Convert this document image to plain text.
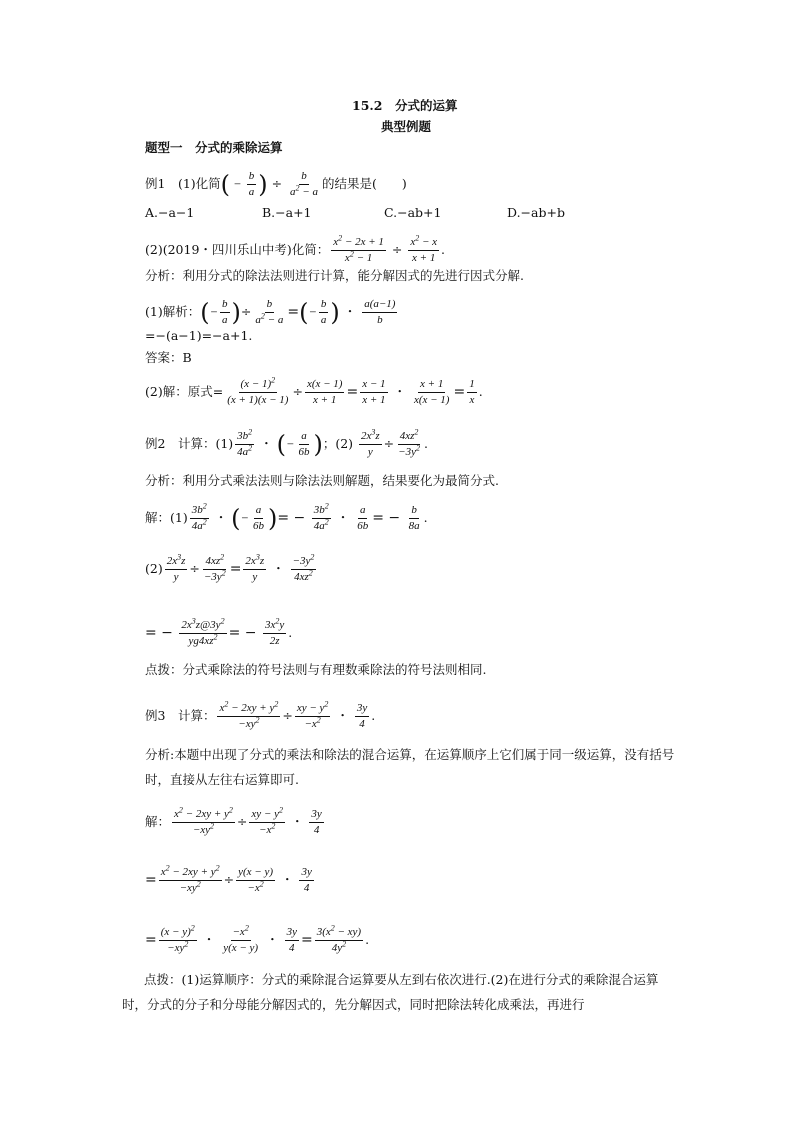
15.2　分式的运算
典型例题
题型一　分式的乘除运算
例1　(1)化简( − $\frac{b}{a}$ ) ÷ $\frac{b}{a^2 - a}$ 的结果是(　　)
A.−a−1	B.−a+1	C.−ab+1	D.−ab+b
(2)(2019・四川乐山中考)化简： $\frac{x^2 - 2x + 1}{x^2 - 1} \div \frac{x^2 - x}{x + 1}$ .
分析：利用分式的除法法则进行计算，能分解因式的先进行因式分解.
(1)解析：(− $\frac{b}{a}$ )÷ $\frac{b}{a^2 - a}$ =(− $\frac{b}{a}$ ) ・ $\frac{a(a-1)}{b}$
=−(a−1)=−a+1.
答案：B
(2)解：原式= $\frac{(x - 1)^2}{(x + 1)(x - 1)} \div \frac{x(x - 1)}{x + 1} = \frac{x - 1}{x + 1}$ ・ $\frac{x + 1}{x(x - 1)} = \frac{1}{x}$ .
例2　计算：$(1) \frac{3b^2}{4a^2}$ ・ (− $\frac{a}{6b}$ )；$(2) \frac{2x^3z}{y} \div \frac{4xz^2}{-3y^2}$ .
分析：利用分式乘法法则与除法法则解题，结果要化为最简分式.
解：$(1) \frac{3b^2}{4a^2}$ ・ (− $\frac{a}{6b}$ )= − $\frac{3b^2}{4a^2}$ ・ $\frac{a}{6b}$ = − $\frac{b}{8a}$ .
$(2) \frac{2x^3z}{y} \div \frac{4xz^2}{-3y^2} = \frac{2x^3z}{y}$ ・ $\frac{-3y^2}{4xz^2}$
= − $\frac{2x^3z@3y^2}{yg4xz^2}$ = − $\frac{3x^2y}{2z}$ .
点拨：分式乘除法的符号法则与有理数乘除法的符号法则相同.
例3　计算： $\frac{x^2 - 2xy + y^2}{-xy^2} \div \frac{xy - y^2}{-x^2}$ ・ $\frac{3y}{4}$ .
分析:本题中出现了分式的乘法和除法的混合运算，在运算顺序上它们属于同一级运算，没有括号时，直接从左往右运算即可.
解： $\frac{x^2 - 2xy + y^2}{-xy^2} \div \frac{xy - y^2}{-x^2}$ ・ $\frac{3y}{4}$
= $\frac{x^2 - 2xy + y^2}{-xy^2} \div \frac{y(x - y)}{-x^2}$ ・ $\frac{3y}{4}$
= $\frac{(x - y)^2}{-xy^2}$ ・ $\frac{-x^2}{y(x - y)}$ ・ $\frac{3y}{4} = \frac{3(x^2 - xy)}{4y^2}$ .
点拨：(1)运算顺序：分式的乘除混合运算要从左到右依次进行.(2)在进行分式的乘除混合运算时，分式的分子和分母能分解因式的，先分解因式，同时把除法转化成乘法，再进行
